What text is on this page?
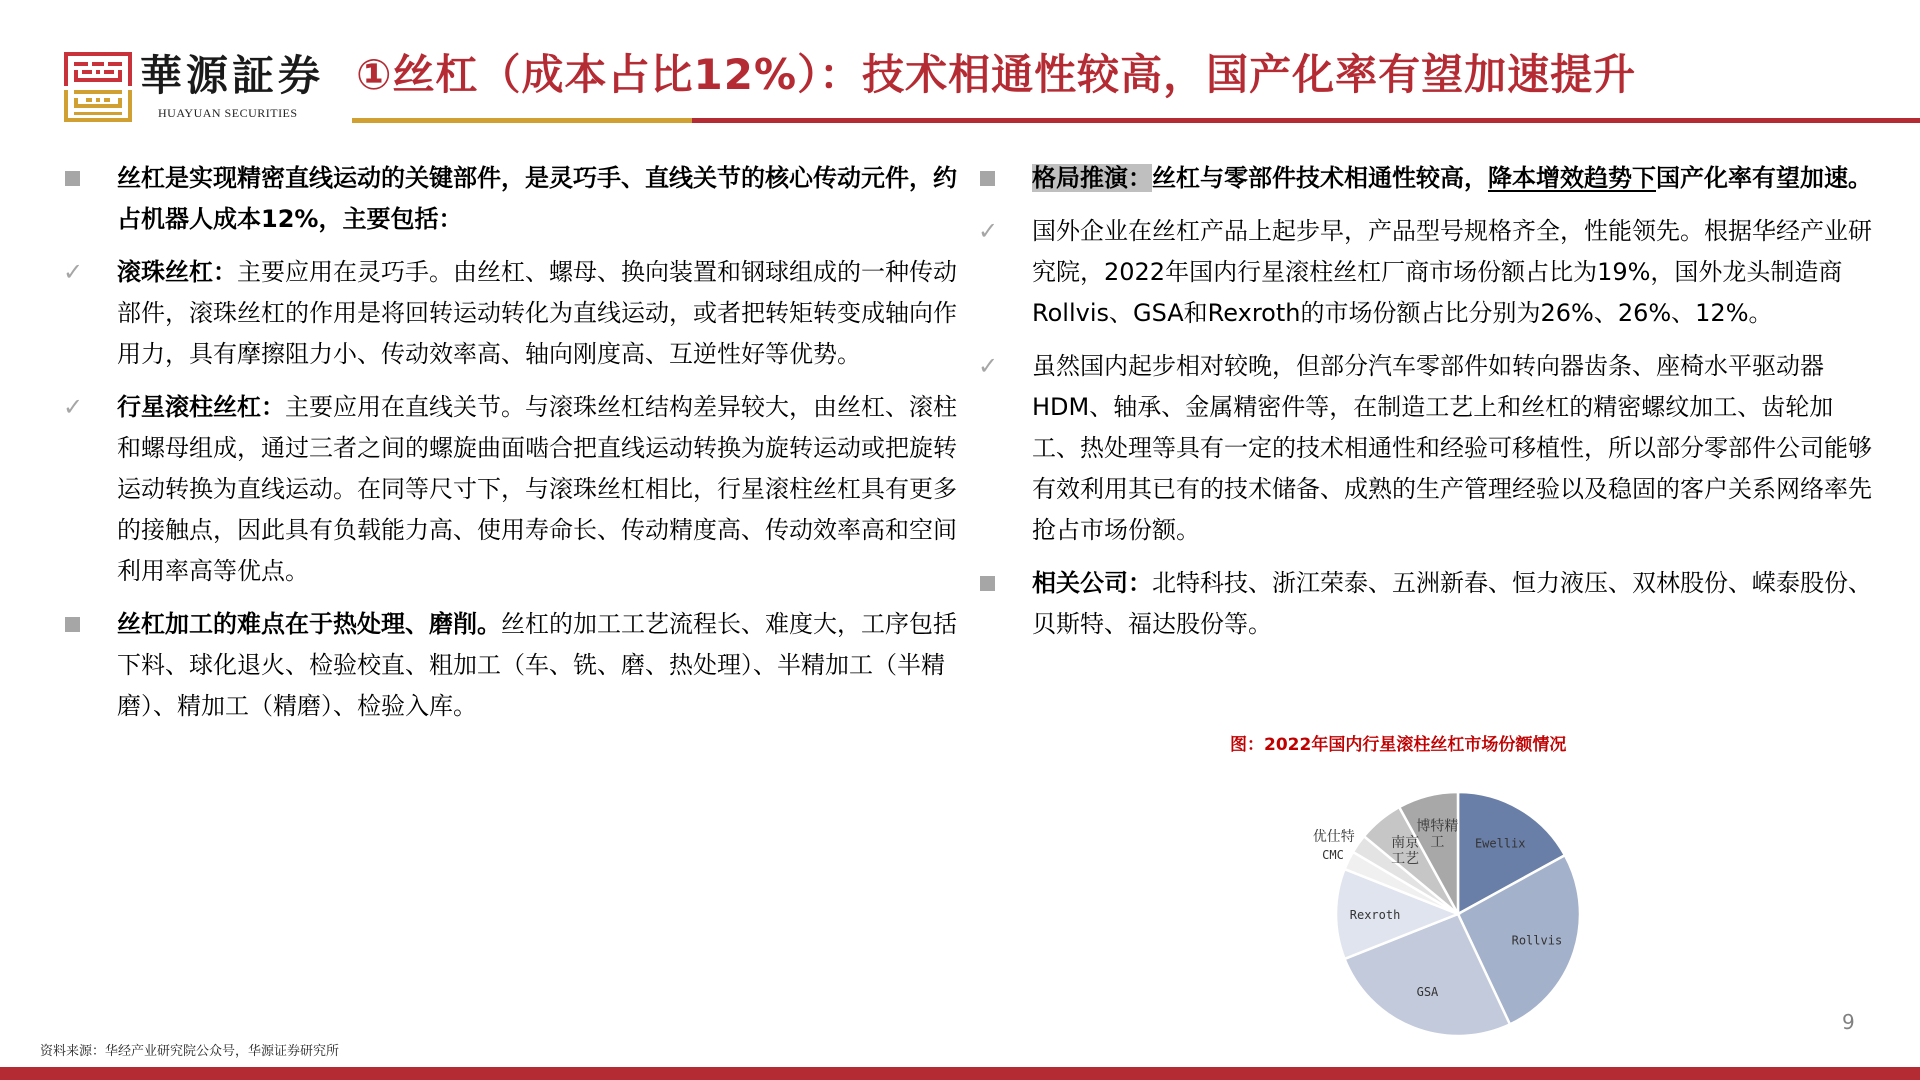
華源証券
HUAYUAN SECURITIES
①丝杠（成本占比12%）：技术相通性较高，国产化率有望加速提升
丝杠是实现精密直线运动的关键部件，是灵巧手、直线关节的核心传动元件，约占机器人成本12%，主要包括：
✓ 滚珠丝杠：主要应用在灵巧手。由丝杠、螺母、换向装置和钢球组成的一种传动部件，滚珠丝杠的作用是将回转运动转化为直线运动，或者把转矩转变成轴向作用力，具有摩擦阻力小、传动效率高、轴向刚度高、互逆性好等优势。
✓ 行星滚柱丝杠：主要应用在直线关节。与滚珠丝杠结构差异较大，由丝杠、滚柱和螺母组成，通过三者之间的螺旋曲面啮合把直线运动转换为旋转运动或把旋转运动转换为直线运动。在同等尺寸下，与滚珠丝杠相比，行星滚柱丝杠具有更多的接触点，因此具有负载能力高、使用寿命长、传动精度高、传动效率高和空间利用率高等优点。
丝杠加工的难点在于热处理、磨削。丝杠的加工工艺流程长、难度大，工序包括下料、球化退火、检验校直、粗加工（车、铣、磨、热处理）、半精加工（半精磨）、精加工（精磨）、检验入库。
格局推演：丝杠与零部件技术相通性较高，降本增效趋势下国产化率有望加速。
✓ 国外企业在丝杠产品上起步早，产品型号规格齐全，性能领先。根据华经产业研究院，2022年国内行星滚柱丝杠厂商市场份额占比为19%，国外龙头制造商Rollvis、GSA和Rexroth的市场份额占比分别为26%、26%、12%。
✓ 虽然国内起步相对较晚，但部分汽车零部件如转向器齿条、座椅水平驱动器HDM、轴承、金属精密件等，在制造工艺上和丝杠的精密螺纹加工、齿轮加工、热处理等具有一定的技术相通性和经验可移植性，所以部分零部件公司能够有效利用其已有的技术储备、成熟的生产管理经验以及稳固的客户关系网络率先抢占市场份额。
相关公司：北特科技、浙江荣泰、五洲新春、恒力液压、双林股份、嵘泰股份、贝斯特、福达股份等。
图：2022年国内行星滚柱丝杠市场份额情况
Ewellix
Rollvis
GSA
Rexroth
CMC
优仕特	南京工艺
博特精工
资料来源：华经产业研究院公众号，华源证券研究所
9
